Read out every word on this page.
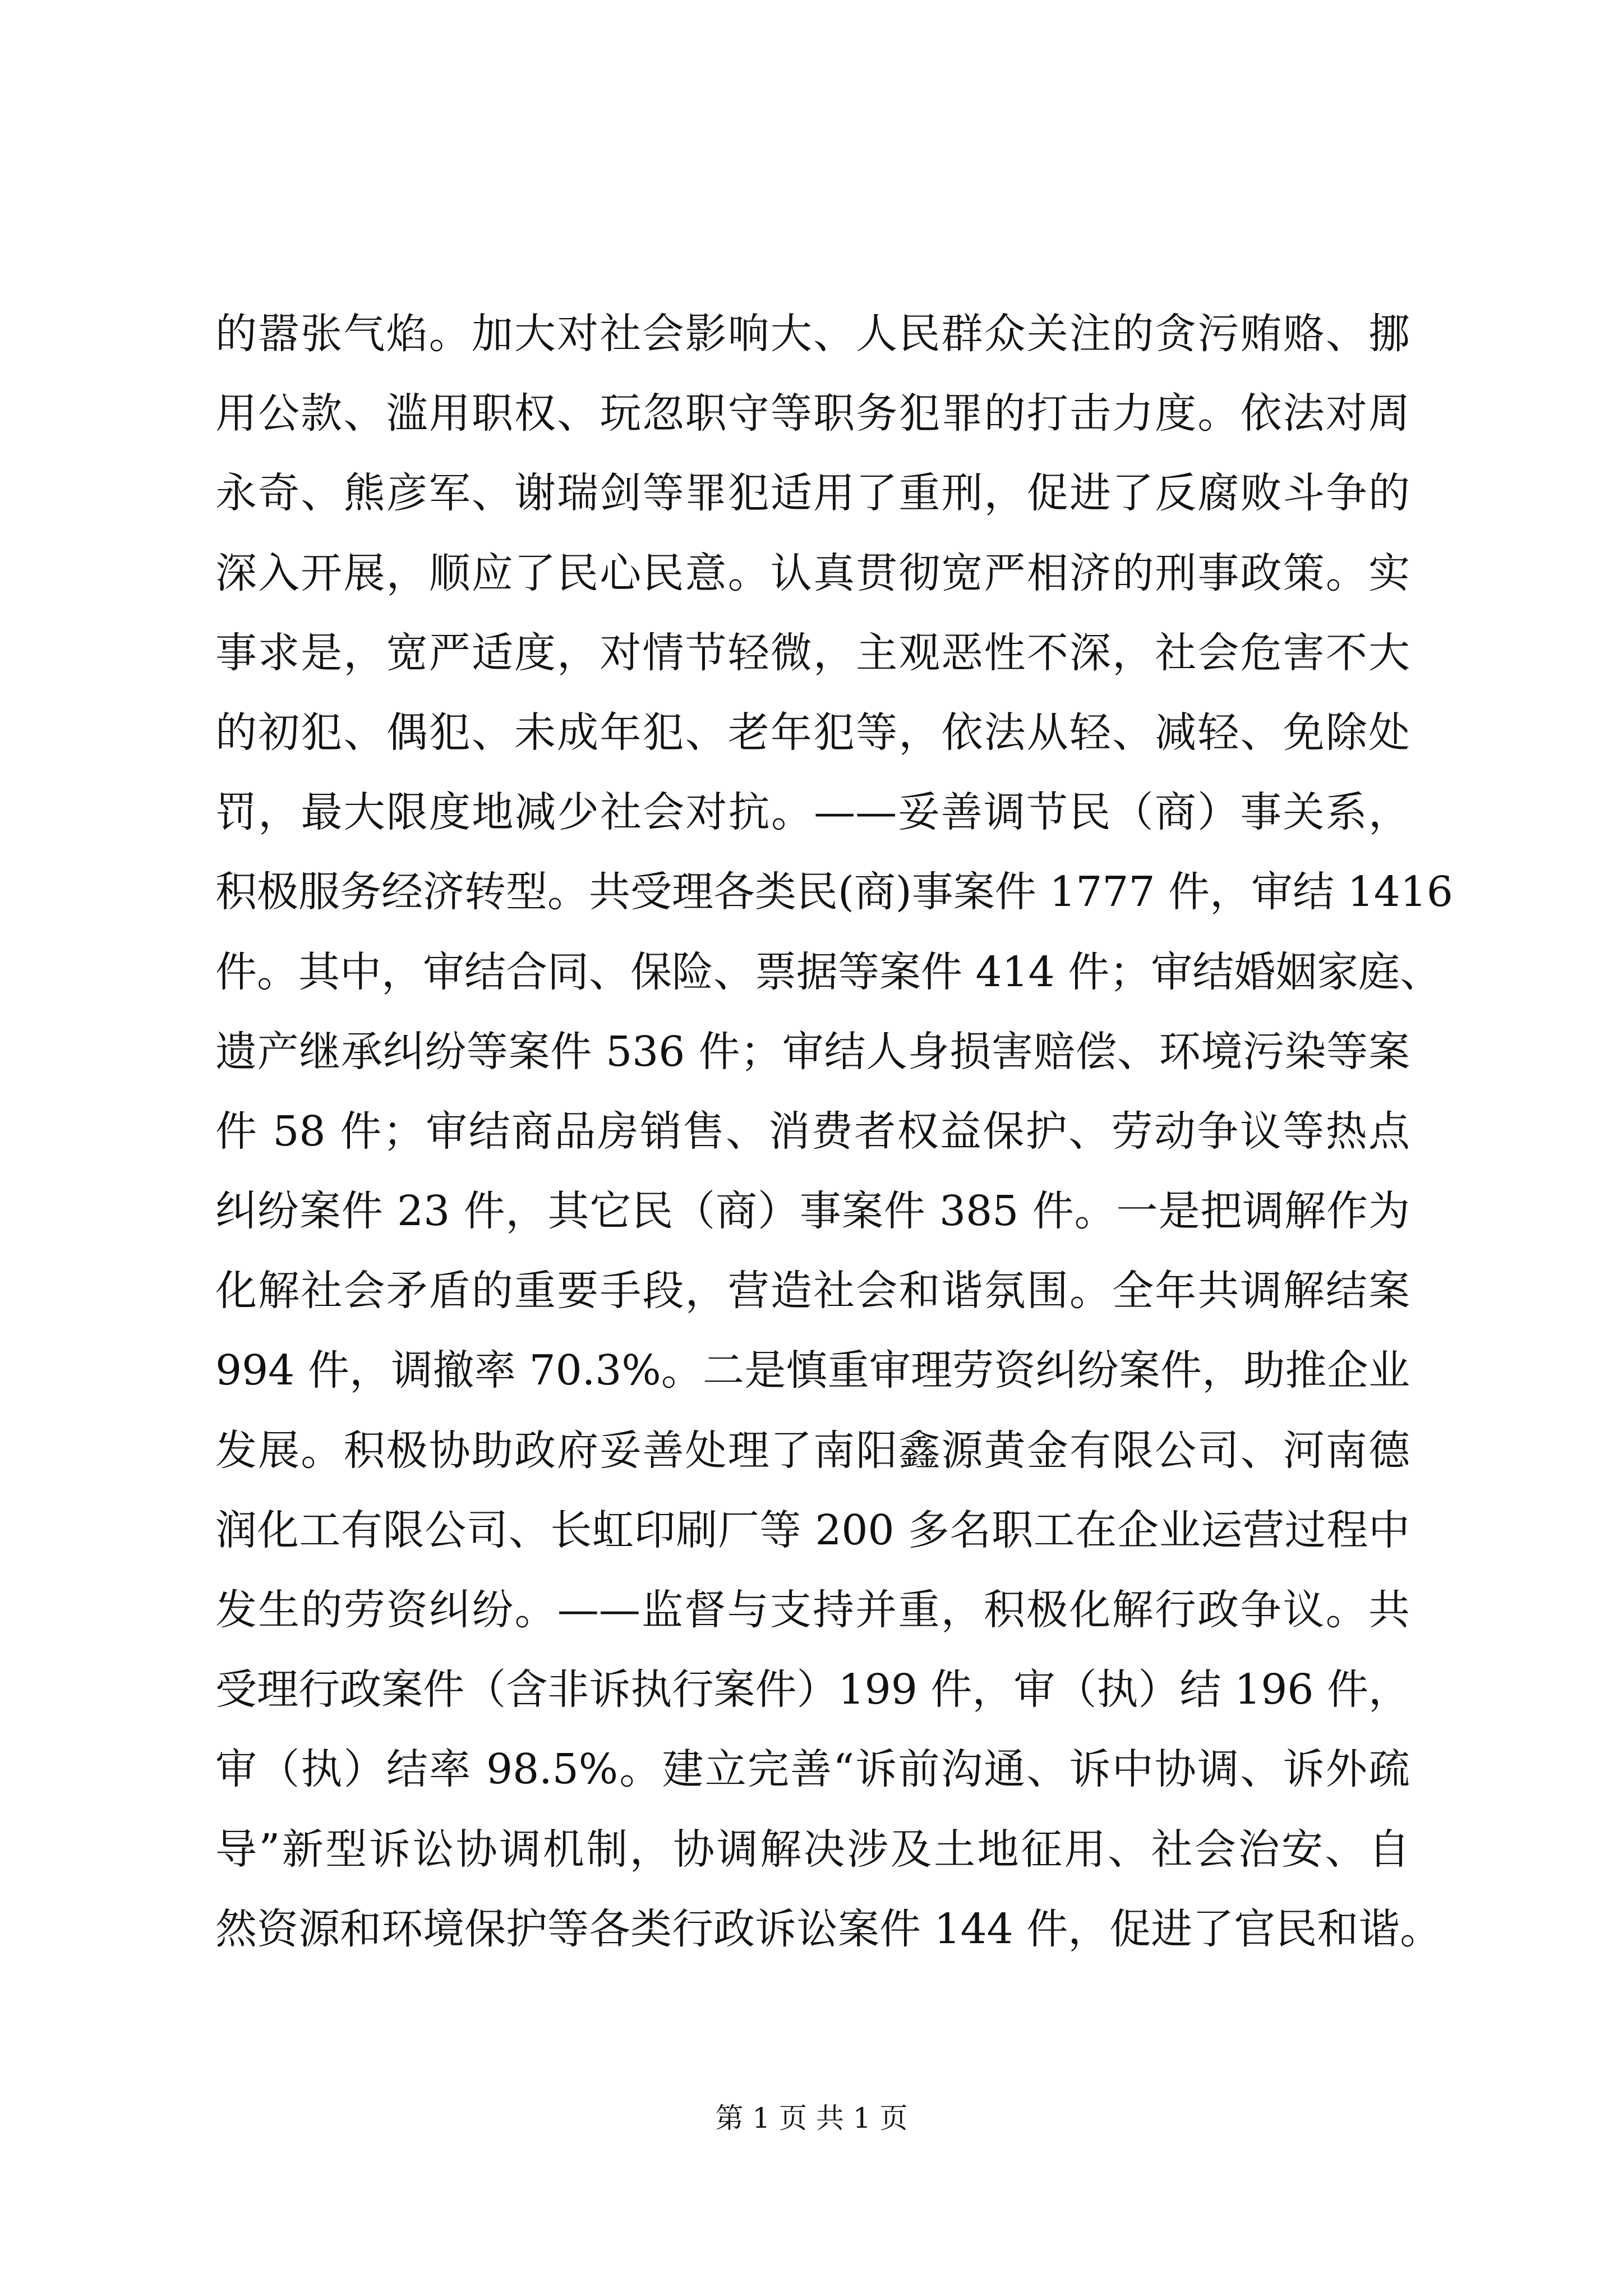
的嚣张气焰。加大对社会影响大、人民群众关注的贪污贿赂、挪
用公款、滥用职权、玩忽职守等职务犯罪的打击力度。依法对周
永奇、熊彦军、谢瑞剑等罪犯适用了重刑，促进了反腐败斗争的
深入开展，顺应了民心民意。认真贯彻宽严相济的刑事政策。实
事求是，宽严适度，对情节轻微，主观恶性不深，社会危害不大
的初犯、偶犯、未成年犯、老年犯等，依法从轻、减轻、免除处
罚，最大限度地减少社会对抗。——妥善调节民（商）事关系，
积极服务经济转型。共受理各类民(商)事案件 1777 件，审结 1416
件。其中，审结合同、保险、票据等案件 414 件；审结婚姻家庭、
遗产继承纠纷等案件 536 件；审结人身损害赔偿、环境污染等案
件 58 件；审结商品房销售、消费者权益保护、劳动争议等热点
纠纷案件 23 件，其它民（商）事案件 385 件。一是把调解作为
化解社会矛盾的重要手段，营造社会和谐氛围。全年共调解结案
994 件，调撤率 70.3%。二是慎重审理劳资纠纷案件，助推企业
发展。积极协助政府妥善处理了南阳鑫源黄金有限公司、河南德
润化工有限公司、长虹印刷厂等 200 多名职工在企业运营过程中
发生的劳资纠纷。——监督与支持并重，积极化解行政争议。共
受理行政案件（含非诉执行案件）199 件，审（执）结 196 件，
审（执）结率 98.5%。建立完善“诉前沟通、诉中协调、诉外疏
导”新型诉讼协调机制，协调解决涉及土地征用、社会治安、自
然资源和环境保护等各类行政诉讼案件 144 件，促进了官民和谐。
第 1 页 共 1 页
